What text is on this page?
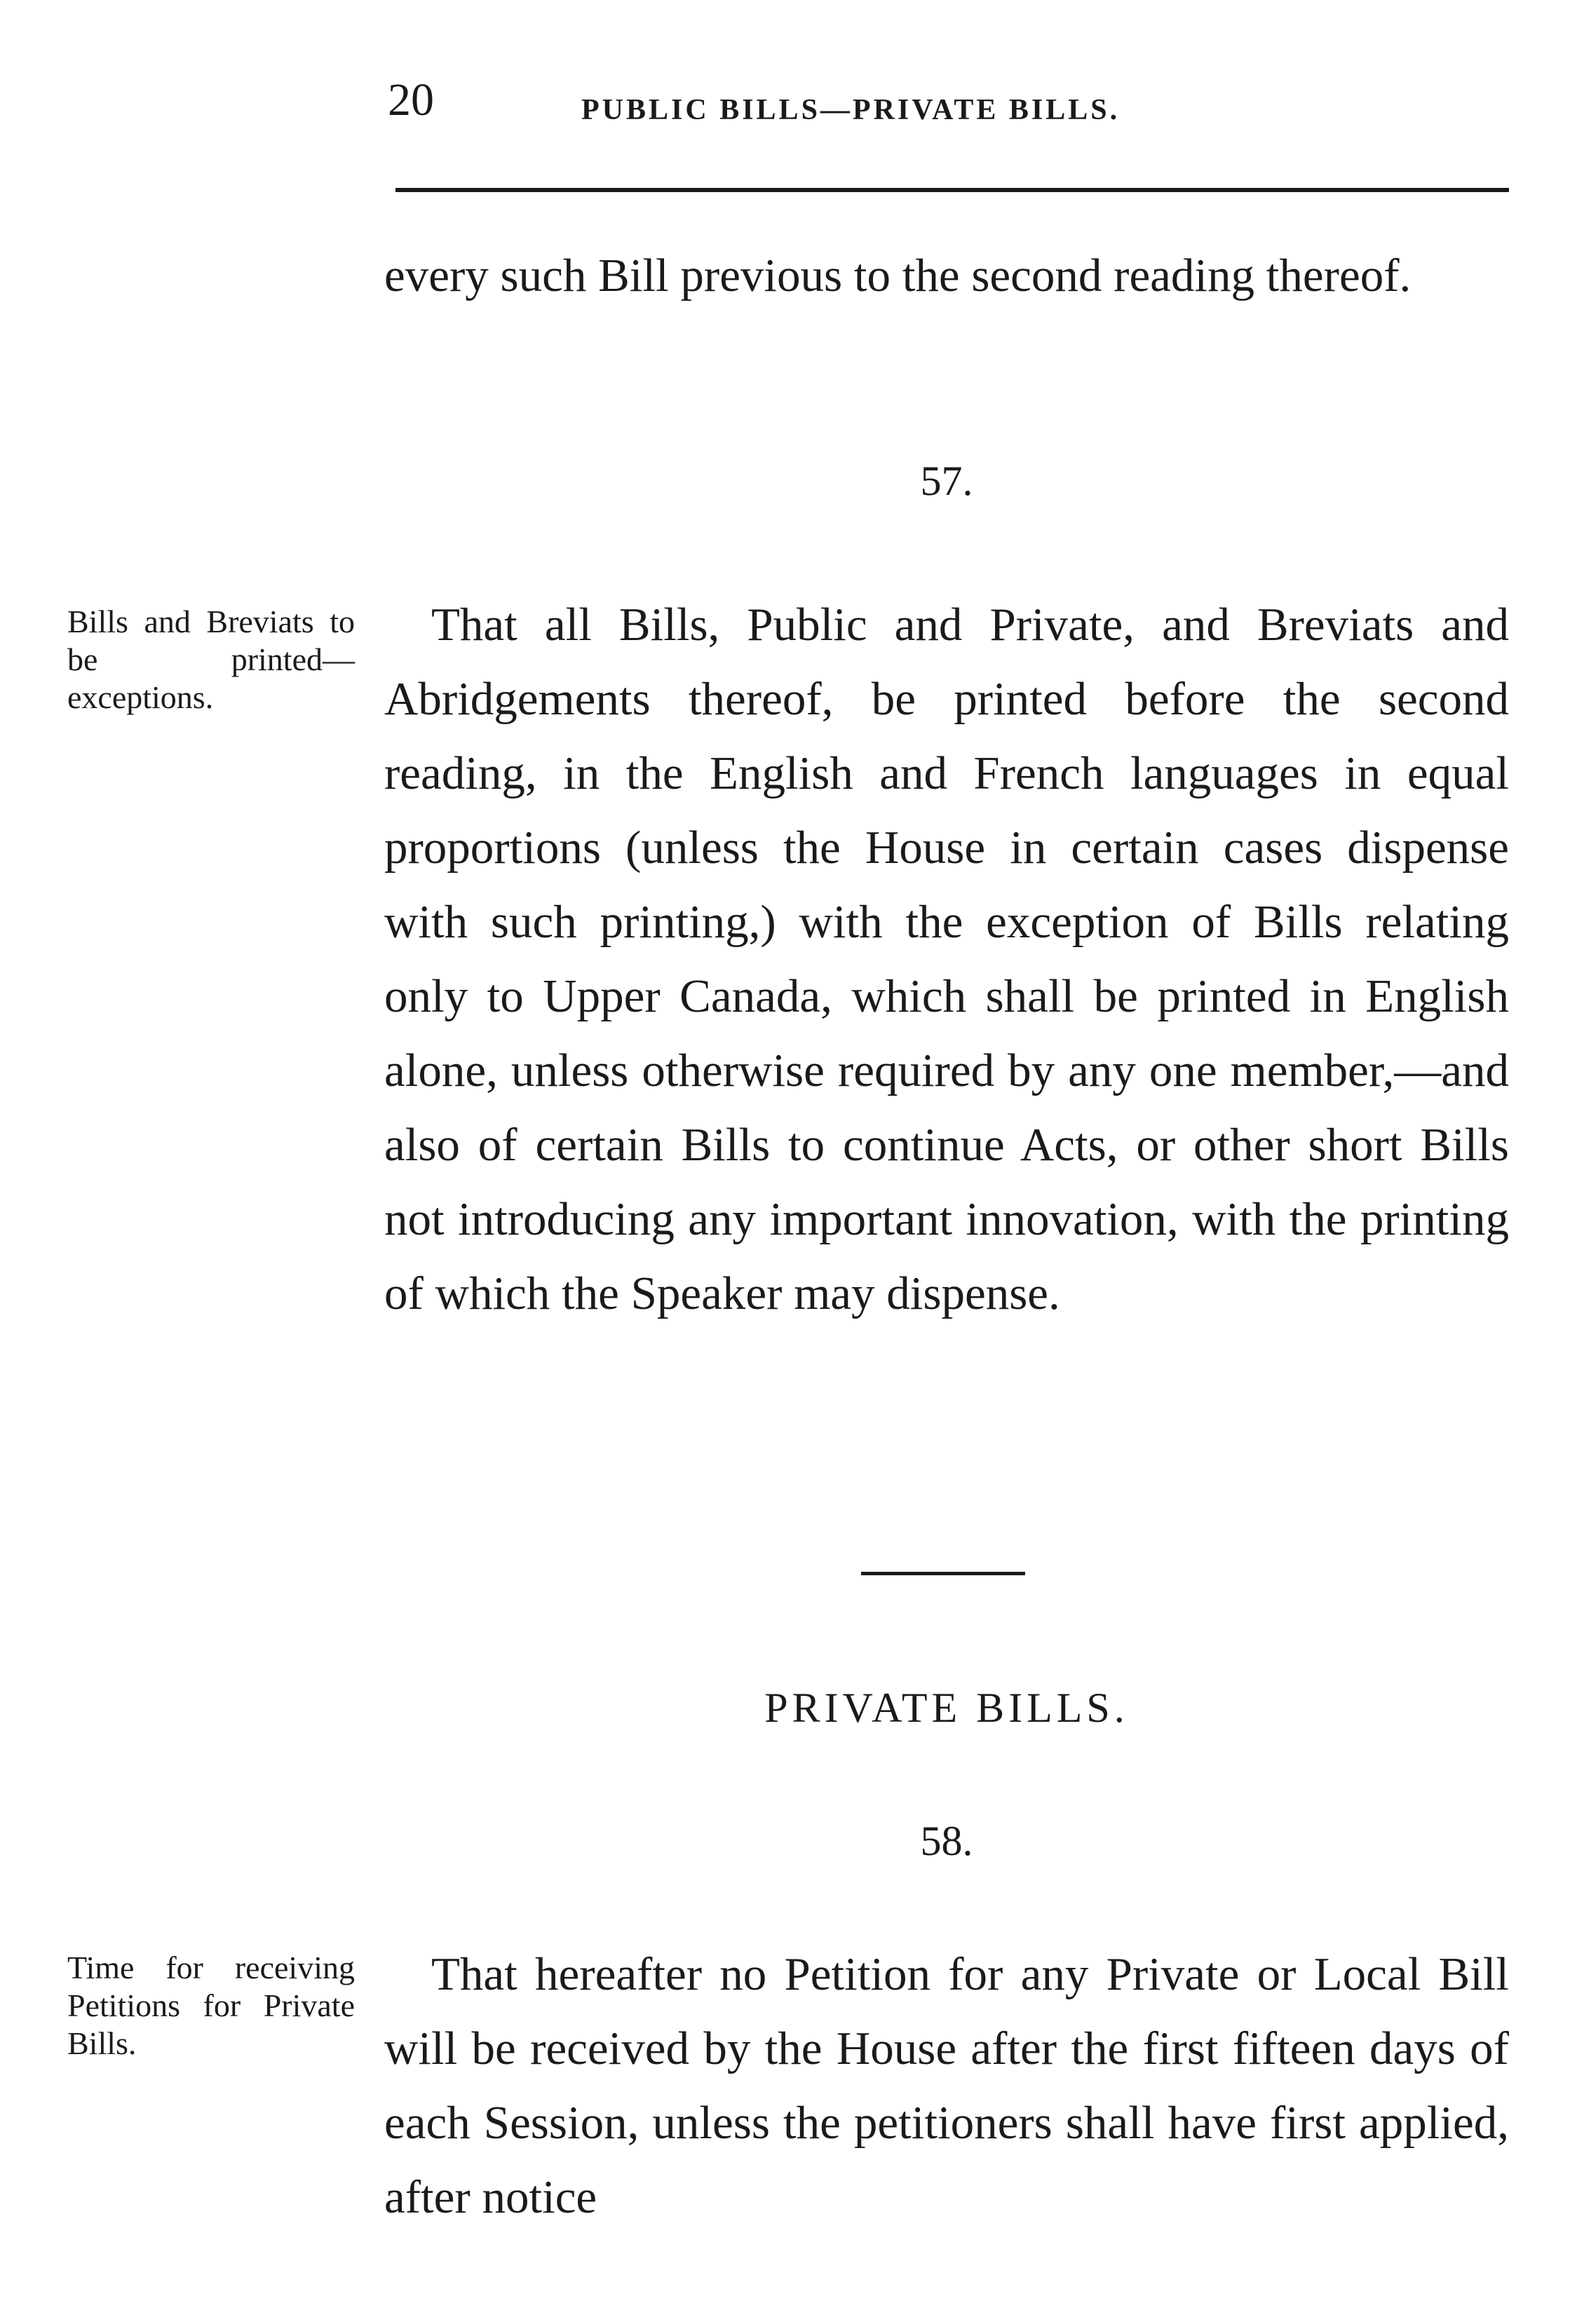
20	PUBLIC BILLS—PRIVATE BILLS.

every such Bill previous to the second reading thereof.

57.
Bills and Breviats to be printed—exceptions.

That all Bills, Public and Private, and Breviats and Abridgements thereof, be printed before the second reading, in the English and French languages in equal proportions (unless the House in certain cases dispense with such printing,) with the exception of Bills relating only to Upper Canada, which shall be printed in English alone, unless otherwise required by any one member,—and also of certain Bills to continue Acts, or other short Bills not introducing any important innovation, with the printing of which the Speaker may dispense.

PRIVATE BILLS.
58.
Time for receiving Petitions for Private Bills.

That hereafter no Petition for any Private or Local Bill will be received by the House after the first fifteen days of each Session, unless the petitioners shall have first applied, after notice
